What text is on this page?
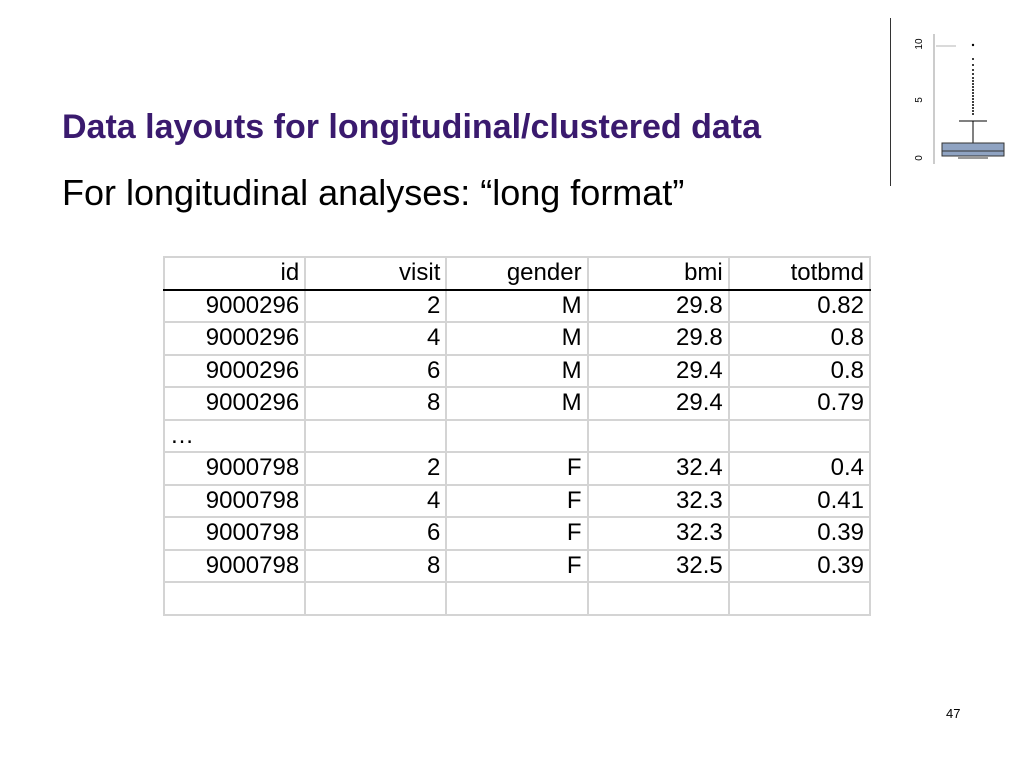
Data layouts for longitudinal/clustered data
For longitudinal analyses: “long format”
0
5
10
id	visit	gender	bmi	totbmd
9000296	2	M	29.8	0.82
9000296	4	M	29.8	0.8
9000296	6	M	29.4	0.8
9000296	8	M	29.4	0.79
…				
9000798	2	F	32.4	0.4
9000798	4	F	32.3	0.41
9000798	6	F	32.3	0.39
9000798	8	F	32.5	0.39

47
